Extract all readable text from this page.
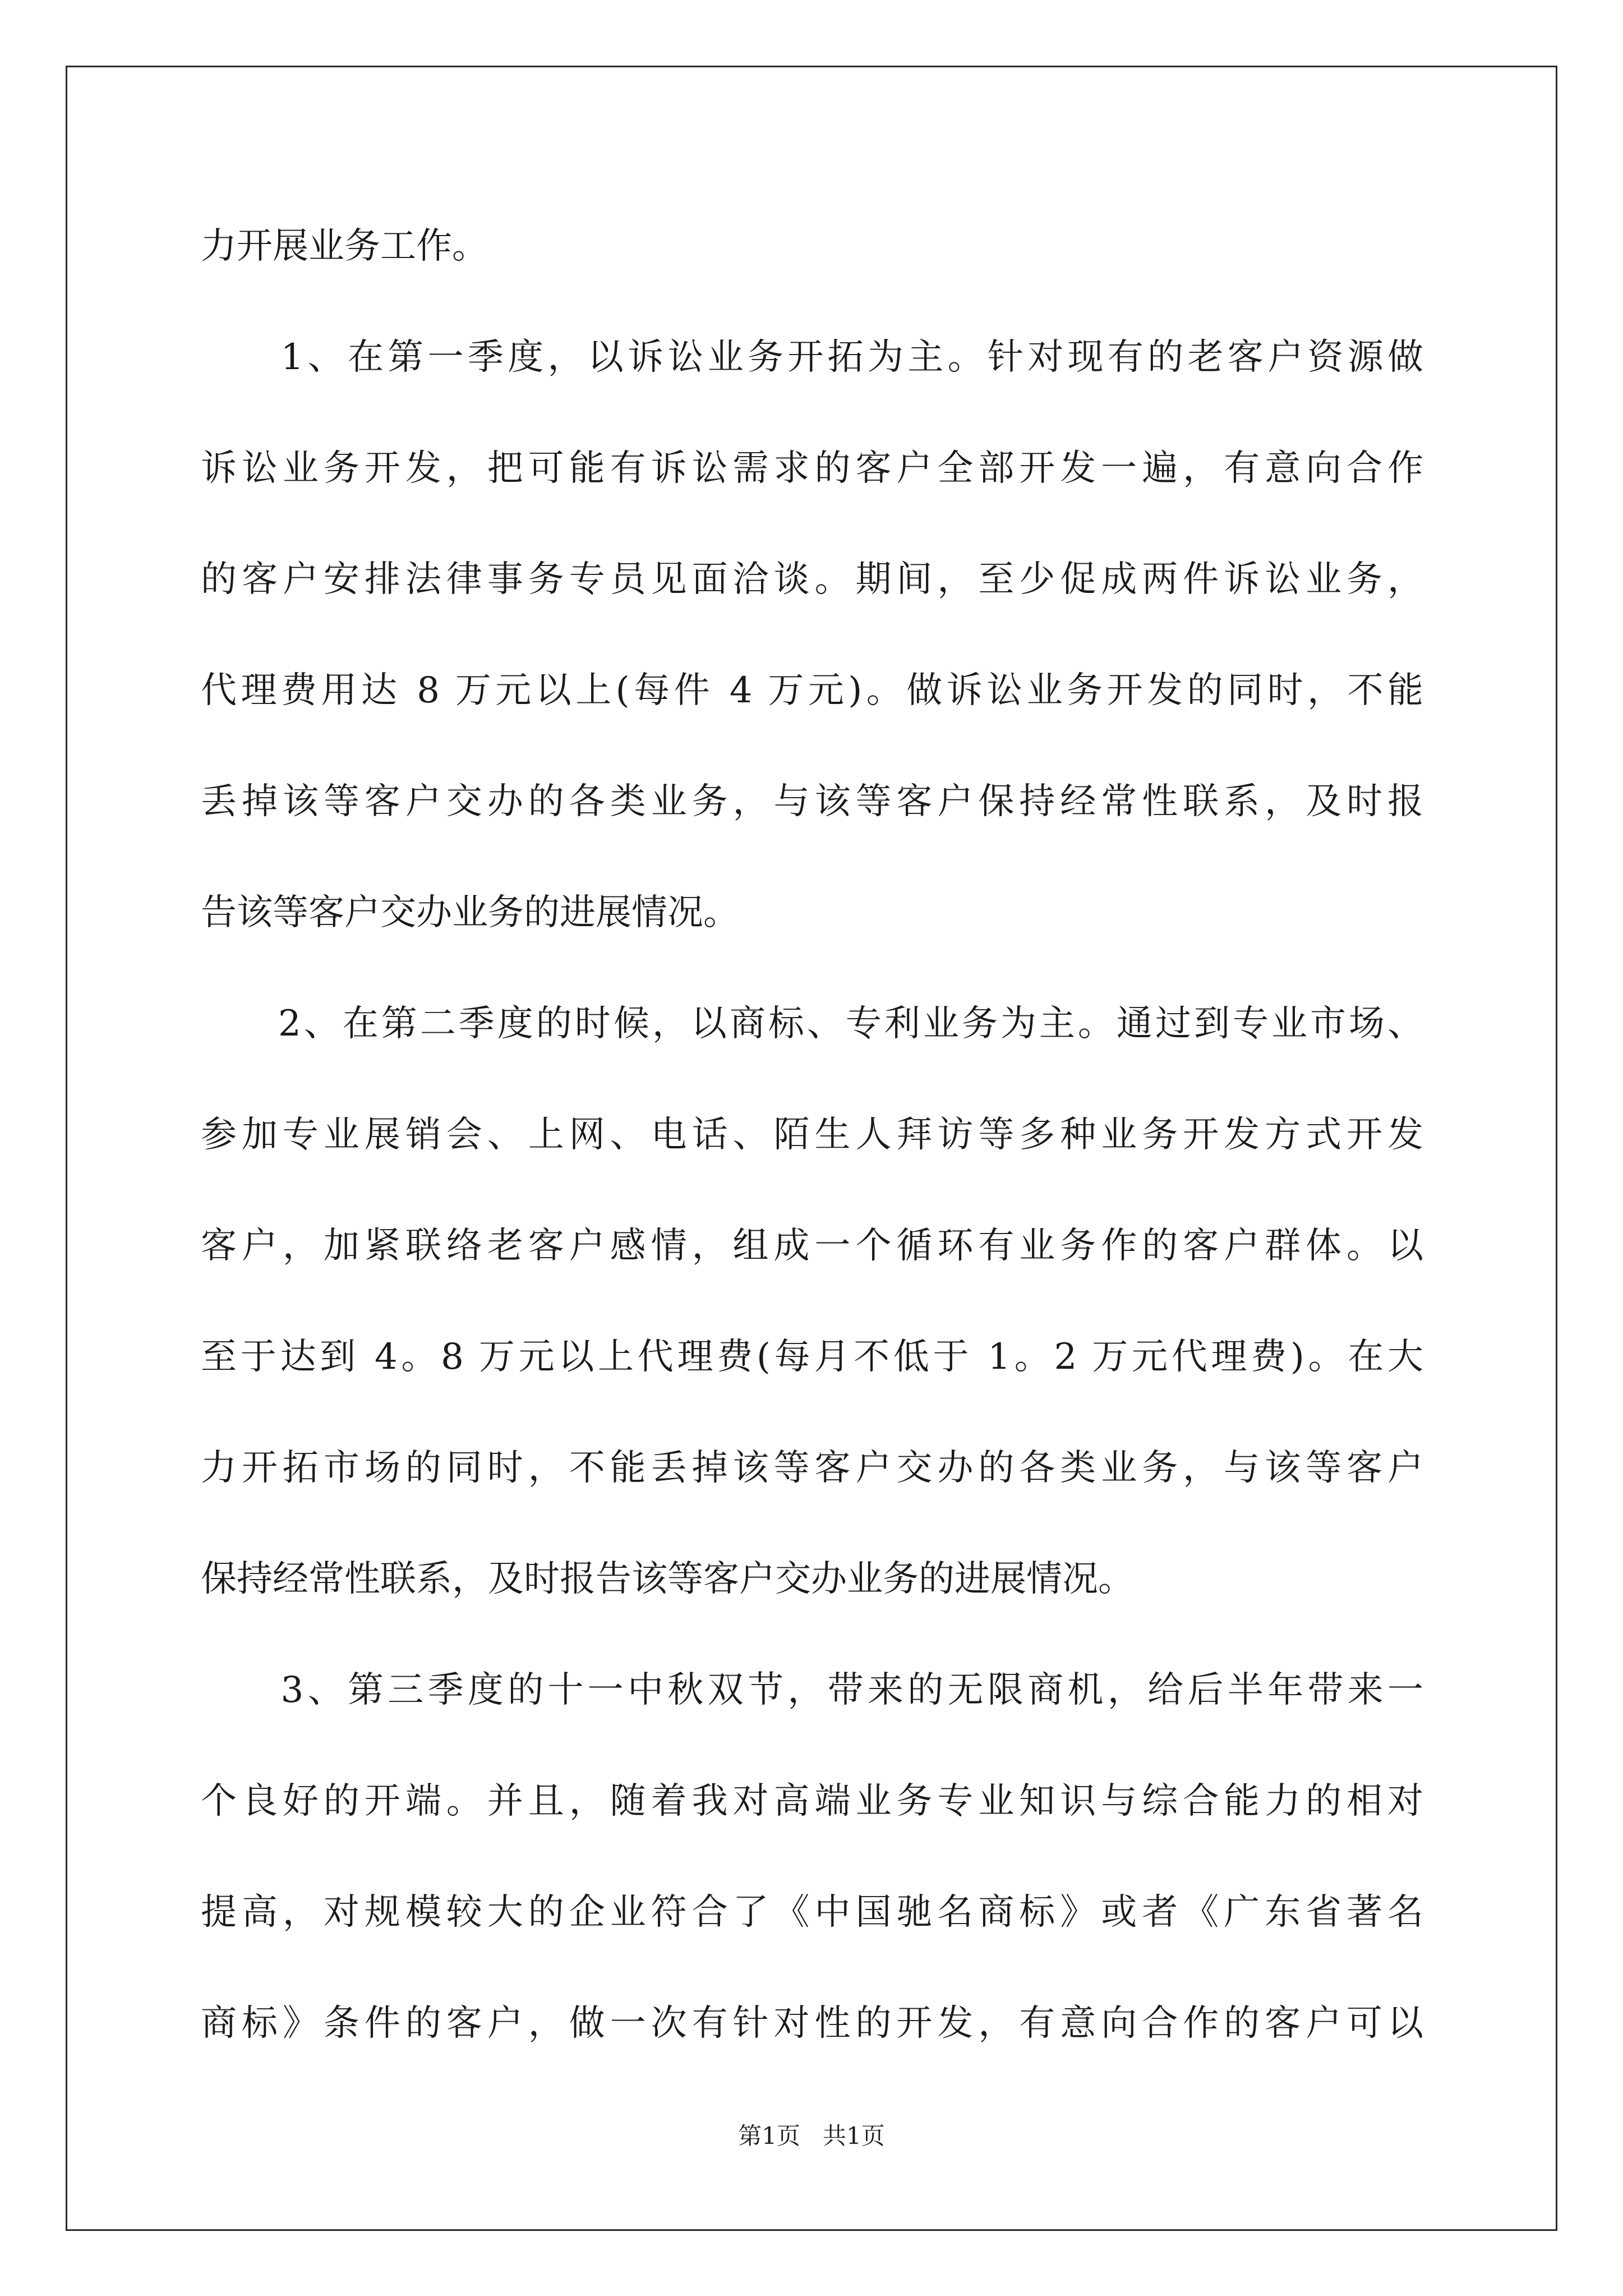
力开展业务工作。
　　1、在第一季度，以诉讼业务开拓为主。针对现有的老客户资源做
诉讼业务开发，把可能有诉讼需求的客户全部开发一遍，有意向合作
的客户安排法律事务专员见面洽谈。期间，至少促成两件诉讼业务，
代理费用达 8 万元以上(每件 4 万元)。做诉讼业务开发的同时，不能
丢掉该等客户交办的各类业务，与该等客户保持经常性联系，及时报
告该等客户交办业务的进展情况。
　　2、在第二季度的时候，以商标、专利业务为主。通过到专业市场、
参加专业展销会、上网、电话、陌生人拜访等多种业务开发方式开发
客户，加紧联络老客户感情，组成一个循环有业务作的客户群体。以
至于达到 4。8 万元以上代理费(每月不低于 1。2 万元代理费)。在大
力开拓市场的同时，不能丢掉该等客户交办的各类业务，与该等客户
保持经常性联系，及时报告该等客户交办业务的进展情况。
　　3、第三季度的十一中秋双节，带来的无限商机，给后半年带来一
个良好的开端。并且，随着我对高端业务专业知识与综合能力的相对
提高，对规模较大的企业符合了《中国驰名商标》或者《广东省著名
商标》条件的客户，做一次有针对性的开发，有意向合作的客户可以
第1页 共1页
